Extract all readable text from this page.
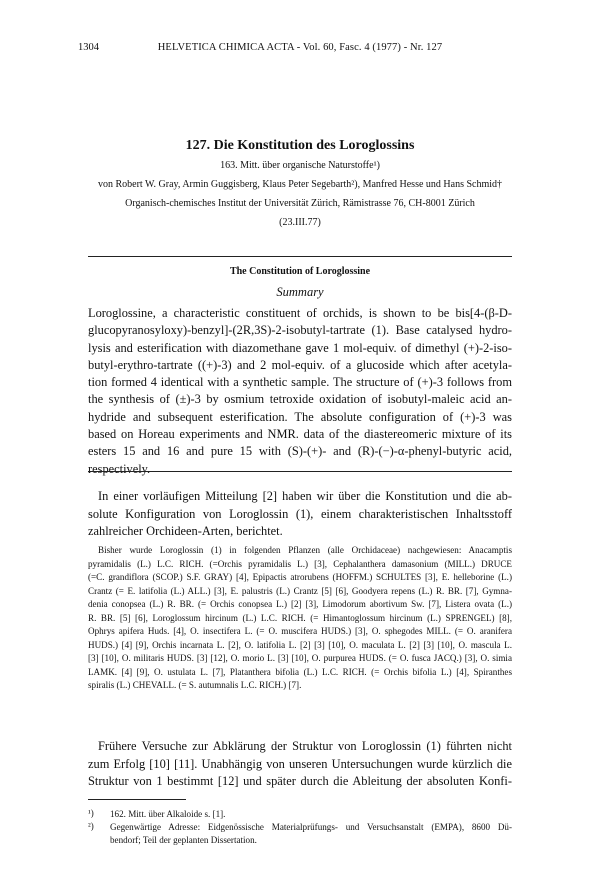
1304	HELVETICA CHIMICA ACTA - Vol. 60, Fasc. 4 (1977) - Nr. 127
127. Die Konstitution des Loroglossins
163. Mitt. über organische Naturstoffe¹)
von Robert W. Gray, Armin Guggisberg, Klaus Peter Segebarth²), Manfred Hesse und Hans Schmid†
Organisch-chemisches Institut der Universität Zürich, Rämistrasse 76, CH-8001 Zürich
(23.III.77)
The Constitution of Loroglossine
Summary
Loroglossine, a characteristic constituent of orchids, is shown to be bis[4-(β-D-
glucopyranosyloxy)-benzyl]-(2R,3S)-2-isobutyl-tartrate (1). Base catalysed hydro-
lysis and esterification with diazomethane gave 1 mol-equiv. of dimethyl (+)-2-iso-
butyl-erythro-tartrate ((+)-3) and 2 mol-equiv. of a glucoside which after acetyla-
tion formed 4 identical with a synthetic sample. The structure of (+)-3 follows from
the synthesis of (±)-3 by osmium tetroxide oxidation of isobutyl-maleic acid an-
hydride and subsequent esterification. The absolute configuration of (+)-3 was
based on Horeau experiments and NMR. data of the diastereomeric mixture of its
esters 15 and 16 and pure 15 with (S)-(+)- and (R)-(−)-α-phenyl-butyric acid,
respectively.
In einer vorläufigen Mitteilung [2] haben wir über die Konstitution und die ab-
solute Konfiguration von Loroglossin (1), einem charakteristischen Inhaltsstoff
zahlreicher Orchideen-Arten, berichtet.
Bisher wurde Loroglossin (1) in folgenden Pflanzen (alle Orchidaceae) nachgewiesen: Anacamptis
pyramidalis (L.) L.C. RICH. (=Orchis pyramidalis L.) [3], Cephalanthera damasonium (MILL.) DRUCE
(=C. grandiflora (SCOP.) S.F. GRAY) [4], Epipactis atrorubens (HOFFM.) SCHULTES [3], E. helleborine (L.)
Crantz (= E. latifolia (L.) ALL.) [3], E. palustris (L.) Crantz [5] [6], Goodyera repens (L.) R. BR. [7], Gymna-
denia conopsea (L.) R. BR. (= Orchis conopsea L.) [2] [3], Limodorum abortivum Sw. [7], Listera ovata (L.)
R. BR. [5] [6], Loroglossum hircinum (L.) L.C. RICH. (= Himantoglossum hircinum (L.) SPRENGEL) [8],
Ophrys apifera Huds. [4], O. insectifera L. (= O. muscifera HUDS.) [3], O. sphegodes MILL. (= O. aranifera
HUDS.) [4] [9], Orchis incarnata L. [2], O. latifolia L. [2] [3] [10], O. maculata L. [2] [3] [10], O. mascula L.
[3] [10], O. militaris HUDS. [3] [12], O. morio L. [3] [10], O. purpurea HUDS. (= O. fusca JACQ.) [3], O. simia
LAMK. [4] [9], O. ustulata L. [7], Platanthera bifolia (L.) L.C. RICH. (= Orchis bifolia L.) [4], Spiranthes
spiralis (L.) CHEVALL. (= S. autumnalis L.C. RICH.) [7].
Frühere Versuche zur Abklärung der Struktur von Loroglossin (1) führten nicht
zum Erfolg [10] [11]. Unabhängig von unseren Untersuchungen wurde kürzlich die
Struktur von 1 bestimmt [12] und später durch die Ableitung der absoluten Konfi-
¹)	162. Mitt. über Alkaloide s. [1].
²)	Gegenwärtige Adresse: Eidgenössische Materialprüfungs- und Versuchsanstalt (EMPA), 8600 Dü-
bendorf; Teil der geplanten Dissertation.
